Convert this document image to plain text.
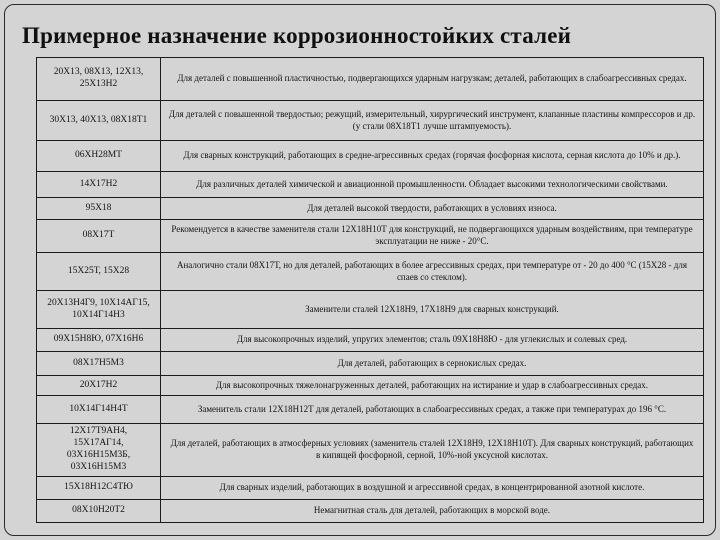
Примерное назначение коррозионностойких сталей
20Х13, 08Х13, 12Х13, 25Х13Н2	Для деталей с повышенной пластичностью, подвергающихся ударным нагрузкам; деталей, работающих в слабоагрессивных средах.
30Х13, 40Х13, 08Х18Т1	Для деталей с повышенной твердостью; режущий, измерительный, хирургический инструмент, клапанные пластины компрессоров и др. (у стали 08Х18Т1 лучше штампуемость).
06ХН28МТ	Для сварных конструкций, работающих в средне-агрессивных средах (горячая фосфорная кислота, серная кислота до 10% и др.).
14Х17Н2	Для различных деталей химической и авиационной промышленности. Обладает высокими технологическими свойствами.
95Х18	Для деталей высокой твердости, работающих в условиях износа.
08Х17Т	Рекомендуется в качестве заменителя стали 12Х18Н10Т для конструкций, не подвергающихся ударным воздействиям, при температуре эксплуатации не ниже - 20°С.
15Х25Т, 15Х28	Аналогично стали 08Х17Т, но для деталей, работающих в более агрессивных средах, при температуре от - 20 до 400 °С (15Х28 - для спаев со стеклом).
20Х13Н4Г9, 10Х14АГ15, 10Х14Г14Н3	Заменители сталей 12Х18Н9, 17Х18Н9 для сварных конструкций.
09Х15Н8Ю, 07Х16Н6	Для высокопрочных изделий, упругих элементов; сталь 09Х18Н8Ю - для углекислых и солевых сред.
08Х17Н5М3	Для деталей, работающих в сернокислых средах.
20Х17Н2	Для высокопрочных тяжелонагруженных деталей, работающих на истирание и удар в слабоагрессивных средах.
10Х14Г14Н4Т	Заменитель стали 12Х18Н12Т для деталей, работающих в слабоагрессивных средах, а также при температурах до 196 °С.
12Х17Т9АН4, 15Х17АГ14, 03Х16Н15М3Б, 03Х16Н15М3	Для деталей, работающих в атмосферных условиях (заменитель сталей 12Х18Н9, 12Х18Н10Т). Для сварных конструкций, работающих в кипящей фосфорной, серной, 10%-ной уксусной кислотах.
15Х18Н12С4ТЮ	Для сварных изделий, работающих в воздушной и агрессивной средах, в концентрированной азотной кислоте.
08Х10Н20Т2	Немагнитная сталь для деталей, работающих в морской воде.
